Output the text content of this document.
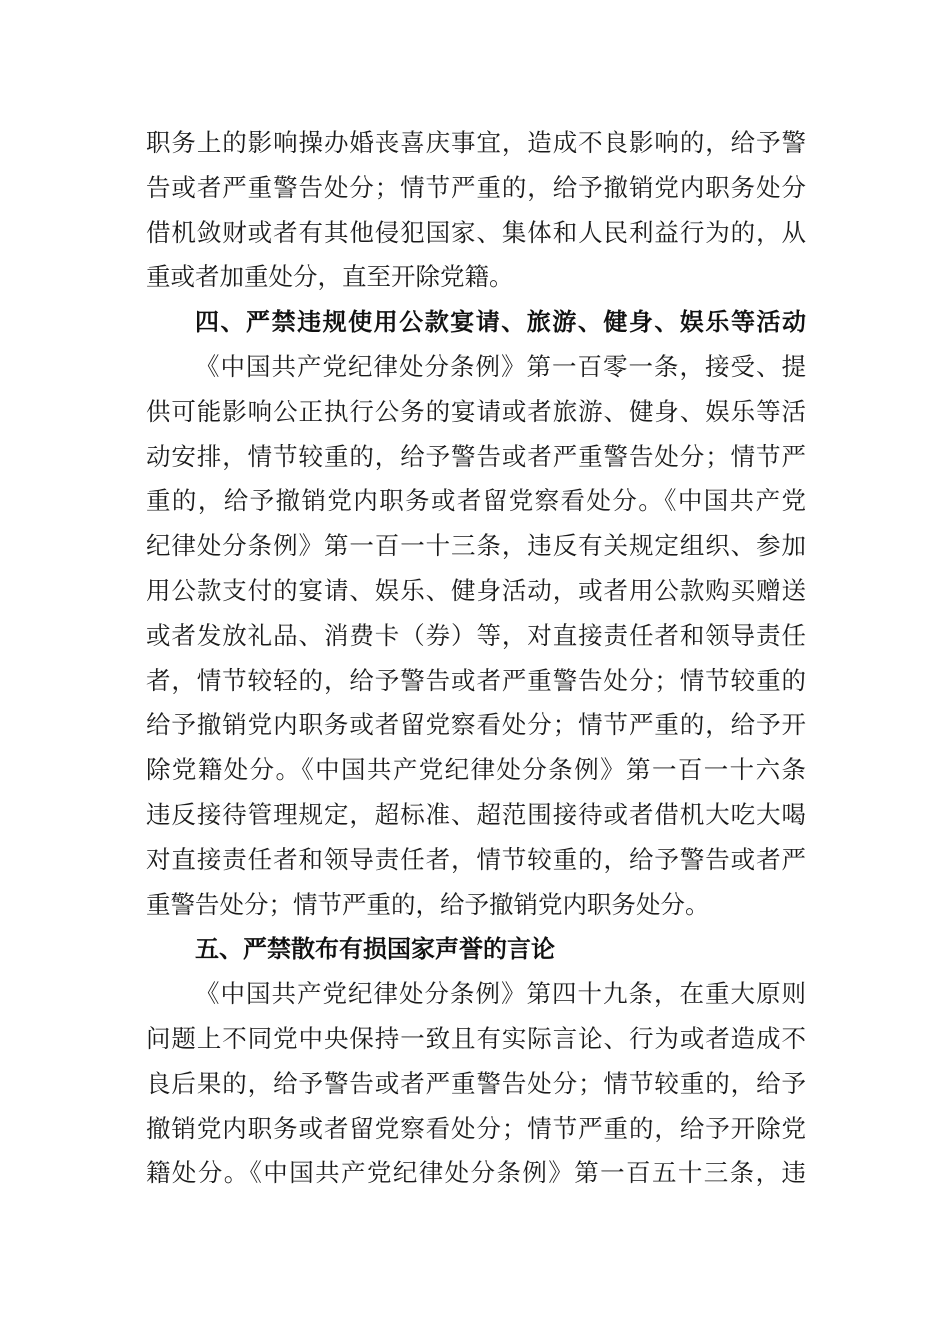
职务上的影响操办婚丧喜庆事宜，造成不良影响的，给予警
告或者严重警告处分；情节严重的，给予撤销党内职务处分
借机敛财或者有其他侵犯国家、集体和人民利益行为的，从
重或者加重处分，直至开除党籍。
四、严禁违规使用公款宴请、旅游、健身、娱乐等活动
《中国共产党纪律处分条例》第一百零一条，接受、提
供可能影响公正执行公务的宴请或者旅游、健身、娱乐等活
动安排，情节较重的，给予警告或者严重警告处分；情节严
重的，给予撤销党内职务或者留党察看处分。《中国共产党
纪律处分条例》第一百一十三条，违反有关规定组织、参加
用公款支付的宴请、娱乐、健身活动，或者用公款购买赠送
或者发放礼品、消费卡（券）等，对直接责任者和领导责任
者，情节较轻的，给予警告或者严重警告处分；情节较重的
给予撤销党内职务或者留党察看处分；情节严重的，给予开
除党籍处分。《中国共产党纪律处分条例》第一百一十六条
违反接待管理规定，超标准、超范围接待或者借机大吃大喝
对直接责任者和领导责任者，情节较重的，给予警告或者严
重警告处分；情节严重的，给予撤销党内职务处分。
五、严禁散布有损国家声誉的言论
《中国共产党纪律处分条例》第四十九条，在重大原则
问题上不同党中央保持一致且有实际言论、行为或者造成不
良后果的，给予警告或者严重警告处分；情节较重的，给予
撤销党内职务或者留党察看处分；情节严重的，给予开除党
籍处分。《中国共产党纪律处分条例》第一百五十三条，违
